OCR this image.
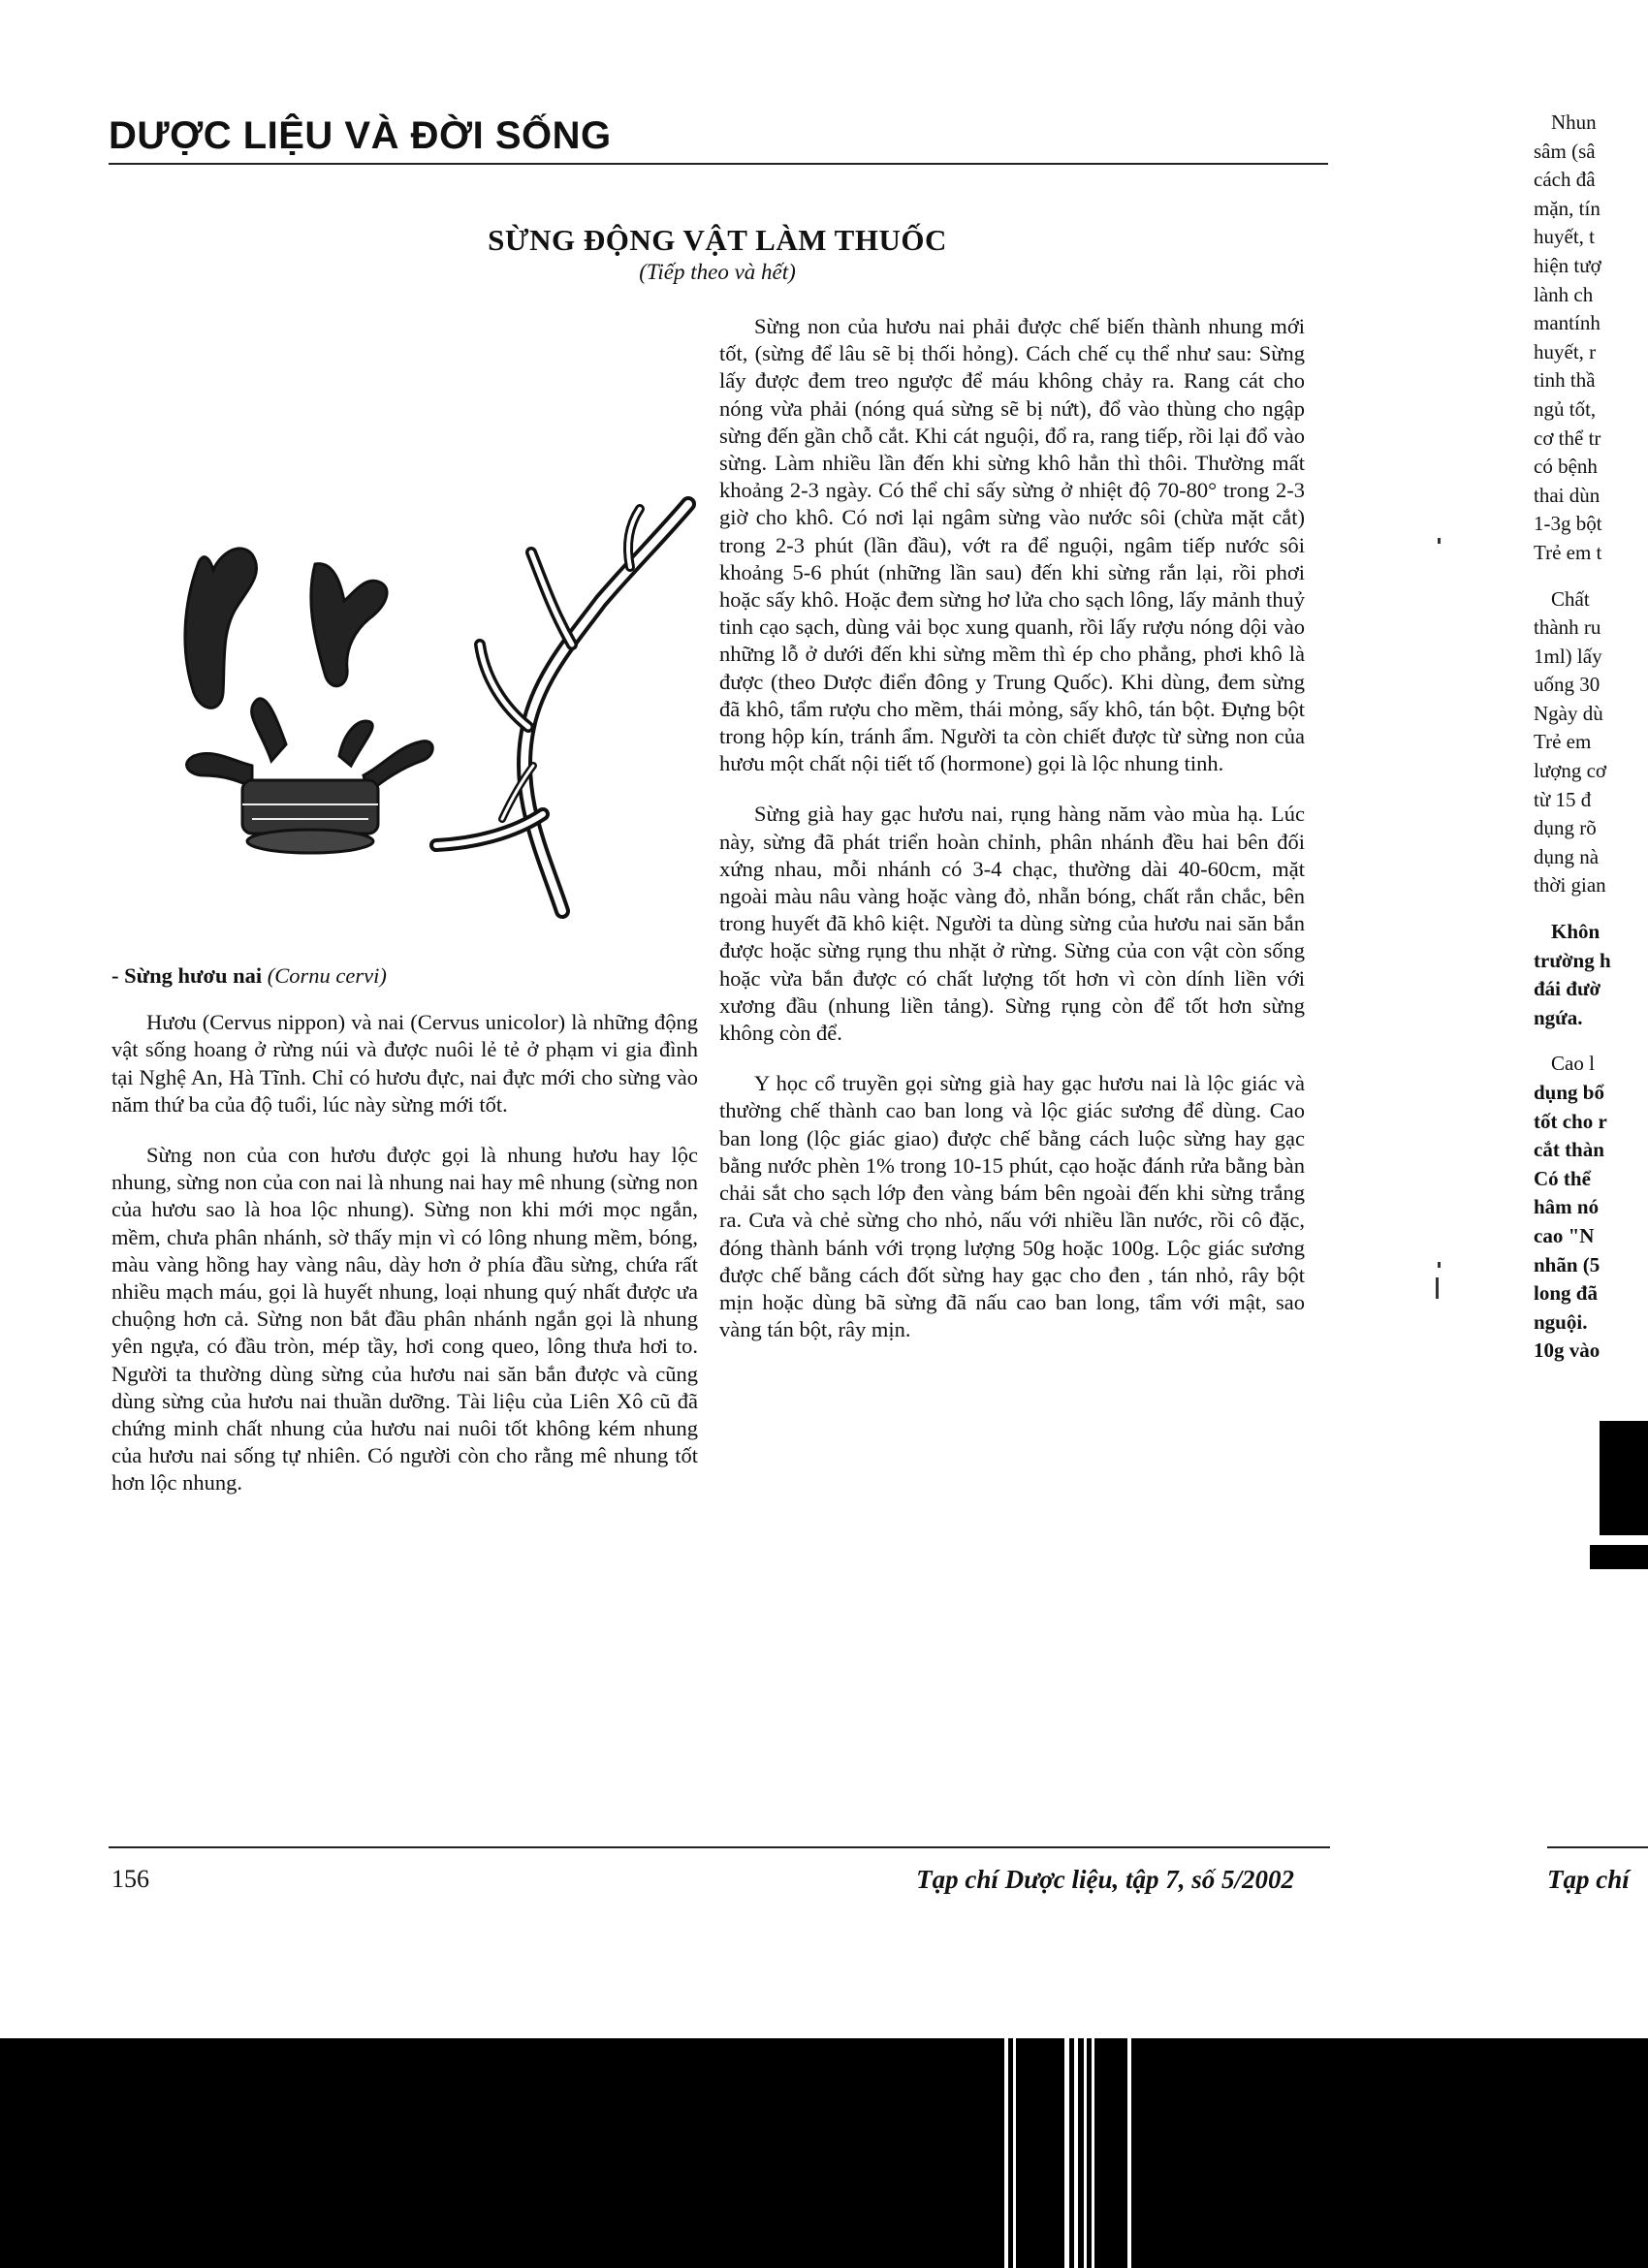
DƯỢC LIỆU VÀ ĐỜI SỐNG
SỪNG ĐỘNG VẬT LÀM THUỐC
(Tiếp theo và hết)
- Sừng hươu nai (Cornu cervi)

Hươu (Cervus nippon) và nai (Cervus unicolor) là những động vật sống hoang ở rừng núi và được nuôi lẻ tẻ ở phạm vi gia đình tại Nghệ An, Hà Tĩnh. Chỉ có hươu đực, nai đực mới cho sừng vào năm thứ ba của độ tuổi, lúc này sừng mới tốt.

Sừng non của con hươu được gọi là nhung hươu hay lộc nhung, sừng non của con nai là nhung nai hay mê nhung (sừng non của hươu sao là hoa lộc nhung). Sừng non khi mới mọc ngắn, mềm, chưa phân nhánh, sờ thấy mịn vì có lông nhung mềm, bóng, màu vàng hồng hay vàng nâu, dày hơn ở phía đầu sừng, chứa rất nhiều mạch máu, gọi là huyết nhung, loại nhung quý nhất được ưa chuộng hơn cả. Sừng non bắt đầu phân nhánh ngắn gọi là nhung yên ngựa, có đầu tròn, mép tầy, hơi cong queo, lông thưa hơi to. Người ta thường dùng sừng của hươu nai săn bắn được và cũng dùng sừng của hươu nai thuần dưỡng. Tài liệu của Liên Xô cũ đã chứng minh chất nhung của hươu nai nuôi tốt không kém nhung của hươu nai sống tự nhiên. Có người còn cho rằng mê nhung tốt hơn lộc nhung.

Sừng non của hươu nai phải được chế biến thành nhung mới tốt, (sừng để lâu sẽ bị thối hỏng). Cách chế cụ thể như sau: Sừng lấy được đem treo ngược để máu không chảy ra. Rang cát cho nóng vừa phải (nóng quá sừng sẽ bị nứt), đổ vào thùng cho ngập sừng đến gần chỗ cắt. Khi cát nguội, đổ ra, rang tiếp, rồi lại đổ vào sừng. Làm nhiều lần đến khi sừng khô hẳn thì thôi. Thường mất khoảng 2-3 ngày. Có thể chỉ sấy sừng ở nhiệt độ 70-80° trong 2-3 giờ cho khô. Có nơi lại ngâm sừng vào nước sôi (chừa mặt cắt) trong 2-3 phút (lần đầu), vớt ra để nguội, ngâm tiếp nước sôi khoảng 5-6 phút (những lần sau) đến khi sừng rắn lại, rồi phơi hoặc sấy khô. Hoặc đem sừng hơ lửa cho sạch lông, lấy mảnh thuỷ tinh cạo sạch, dùng vải bọc xung quanh, rồi lấy rượu nóng dội vào những lỗ ở dưới đến khi sừng mềm thì ép cho phẳng, phơi khô là được (theo Dược điển đông y Trung Quốc). Khi dùng, đem sừng đã khô, tẩm rượu cho mềm, thái mỏng, sấy khô, tán bột. Đựng bột trong hộp kín, tránh ẩm. Người ta còn chiết được từ sừng non của hươu một chất nội tiết tố (hormone) gọi là lộc nhung tinh.

Sừng già hay gạc hươu nai, rụng hàng năm vào mùa hạ. Lúc này, sừng đã phát triển hoàn chỉnh, phân nhánh đều hai bên đối xứng nhau, mỗi nhánh có 3-4 chạc, thường dài 40-60cm, mặt ngoài màu nâu vàng hoặc vàng đỏ, nhẵn bóng, chất rắn chắc, bên trong huyết đã khô kiệt. Người ta dùng sừng của hươu nai săn bắn được hoặc sừng rụng thu nhặt ở rừng. Sừng của con vật còn sống hoặc vừa bắn được có chất lượng tốt hơn vì còn dính liền với xương đầu (nhung liền tảng). Sừng rụng còn để tốt hơn sừng không còn để.

Y học cổ truyền gọi sừng già hay gạc hươu nai là lộc giác và thường chế thành cao ban long và lộc giác sương để dùng. Cao ban long (lộc giác giao) được chế bằng cách luộc sừng hay gạc bằng nước phèn 1% trong 10-15 phút, cạo hoặc đánh rửa bằng bàn chải sắt cho sạch lớp đen vàng bám bên ngoài đến khi sừng trắng ra. Cưa và chẻ sừng cho nhỏ, nấu với nhiều lần nước, rồi cô đặc, đóng thành bánh với trọng lượng 50g hoặc 100g. Lộc giác sương được chế bằng cách đốt sừng hay gạc cho đen , tán nhỏ, rây bột mịn hoặc dùng bã sừng đã nấu cao ban long, tẩm với mật, sao vàng tán bột, rây mịn.

Nhun
sâm (sâ
cách đâ
mặn, tín
huyết, t
hiện tượ
lành ch
mantính
huyết, r
tinh thầ
ngủ tốt,
cơ thể tr
có bệnh
thai dùn
1-3g bột
Trẻ em t
Chất
thành ru
1ml) lấy
uống 30
Ngày dù
Trẻ em
lượng cơ
từ 15 đ
dụng rõ
dụng nà
thời gian
Khôn
trường h
đái đườ
ngứa.
Cao l
dụng bổ
tốt cho r
cắt thàn
Có thể
hâm nó
cao "N
nhãn (5
long đã
nguội.
10g vào
156	Tạp chí Dược liệu, tập 7, số 5/2002	Tạp chí
